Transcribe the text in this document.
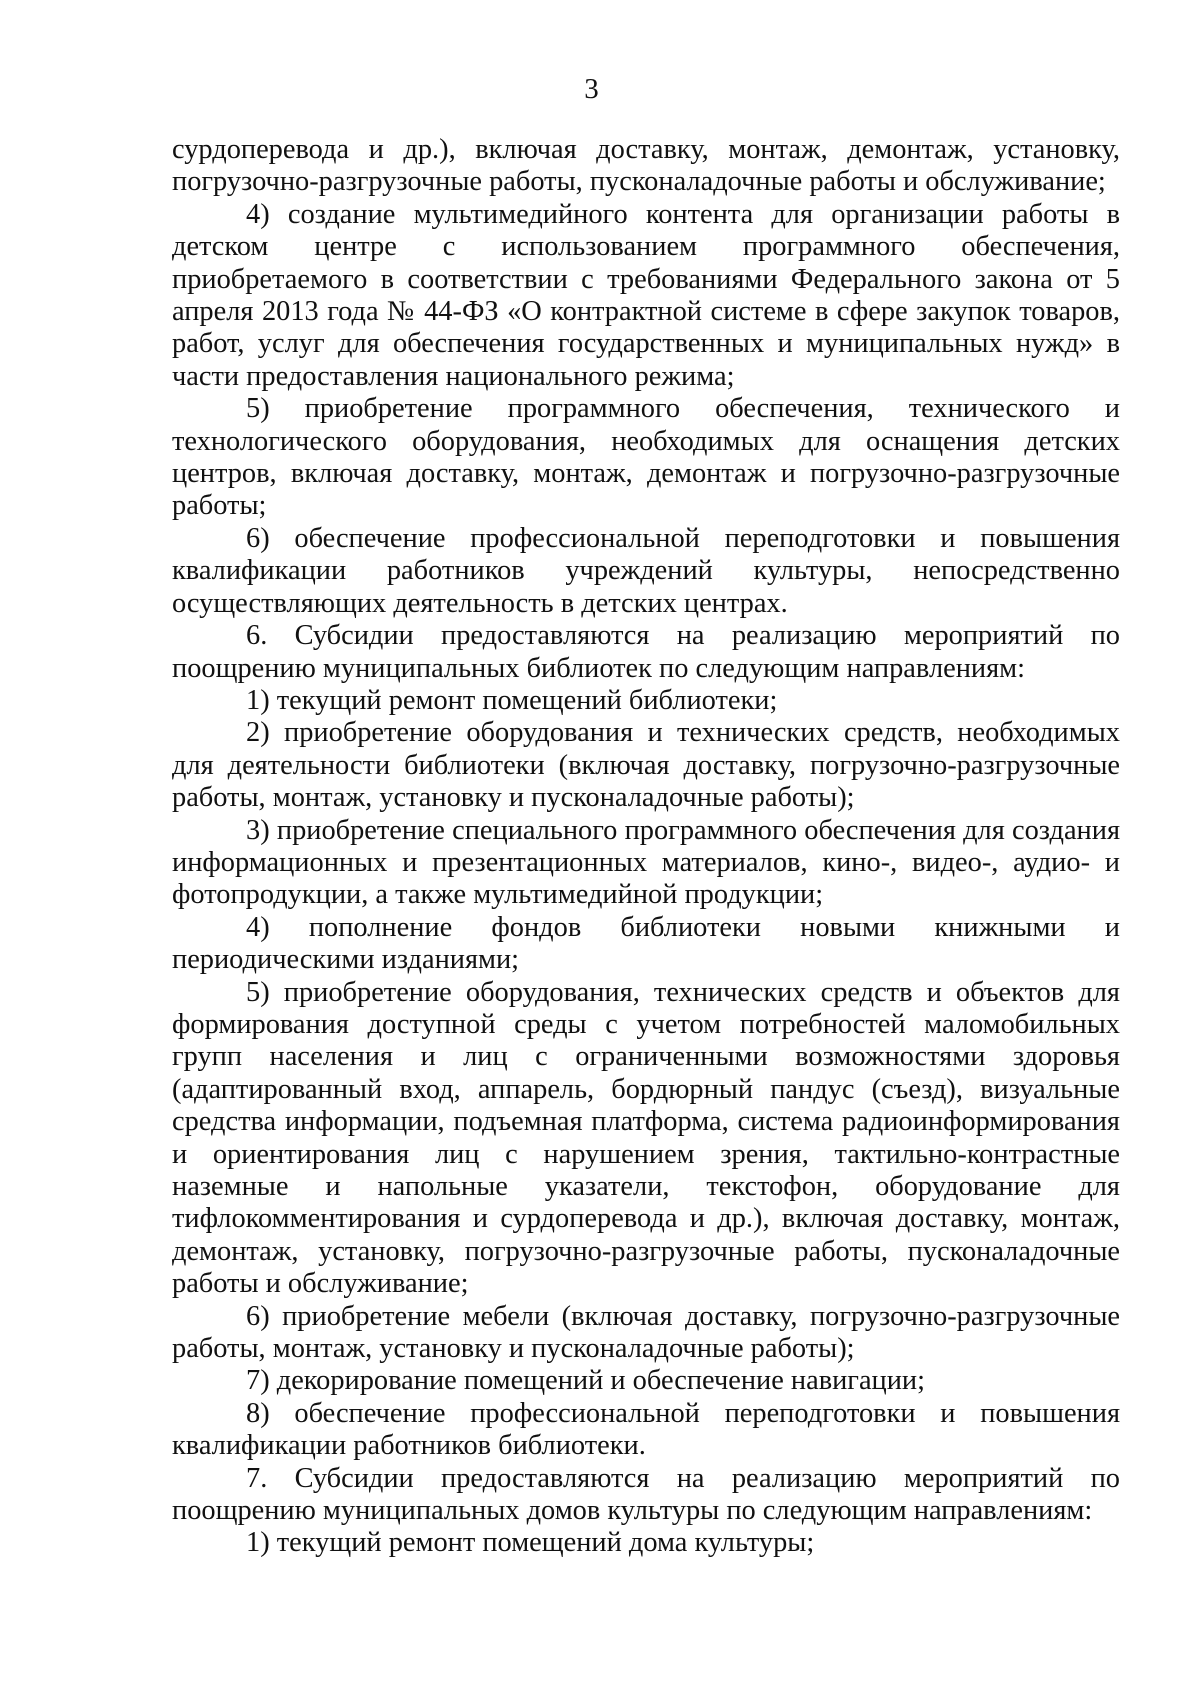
3

сурдоперевода и др.), включая доставку, монтаж, демонтаж, установку, погрузочно-разгрузочные работы, пусконаладочные работы и обслуживание;

4) создание мультимедийного контента для организации работы в детском центре с использованием программного обеспечения, приобретаемого в соответствии с требованиями Федерального закона от 5 апреля 2013 года № 44-ФЗ «О контрактной системе в сфере закупок товаров, работ, услуг для обеспечения государственных и муниципальных нужд» в части предоставления национального режима;

5) приобретение программного обеспечения, технического и технологического оборудования, необходимых для оснащения детских центров, включая доставку, монтаж, демонтаж и погрузочно-разгрузочные работы;

6) обеспечение профессиональной переподготовки и повышения квалификации работников учреждений культуры, непосредственно осуществляющих деятельность в детских центрах.

6. Субсидии предоставляются на реализацию мероприятий по поощрению муниципальных библиотек по следующим направлениям:

1) текущий ремонт помещений библиотеки;

2) приобретение оборудования и технических средств, необходимых для деятельности библиотеки (включая доставку, погрузочно-разгрузочные работы, монтаж, установку и пусконаладочные работы);

3) приобретение специального программного обеспечения для создания информационных и презентационных материалов, кино-, видео-, аудио- и фотопродукции, а также мультимедийной продукции;

4) пополнение фондов библиотеки новыми книжными и периодическими изданиями;

5) приобретение оборудования, технических средств и объектов для формирования доступной среды с учетом потребностей маломобильных групп населения и лиц с ограниченными возможностями здоровья (адаптированный вход, аппарель, бордюрный пандус (съезд), визуальные средства информации, подъемная платформа, система радиоинформирования и ориентирования лиц с нарушением зрения, тактильно-контрастные наземные и напольные указатели, текстофон, оборудование для тифлокомментирования и сурдоперевода и др.), включая доставку, монтаж, демонтаж, установку, погрузочно-разгрузочные работы, пусконаладочные работы и обслуживание;

6) приобретение мебели (включая доставку, погрузочно-разгрузочные работы, монтаж, установку и пусконаладочные работы);

7) декорирование помещений и обеспечение навигации;

8) обеспечение профессиональной переподготовки и повышения квалификации работников библиотеки.

7. Субсидии предоставляются на реализацию мероприятий по поощрению муниципальных домов культуры по следующим направлениям:

1) текущий ремонт помещений дома культуры;
